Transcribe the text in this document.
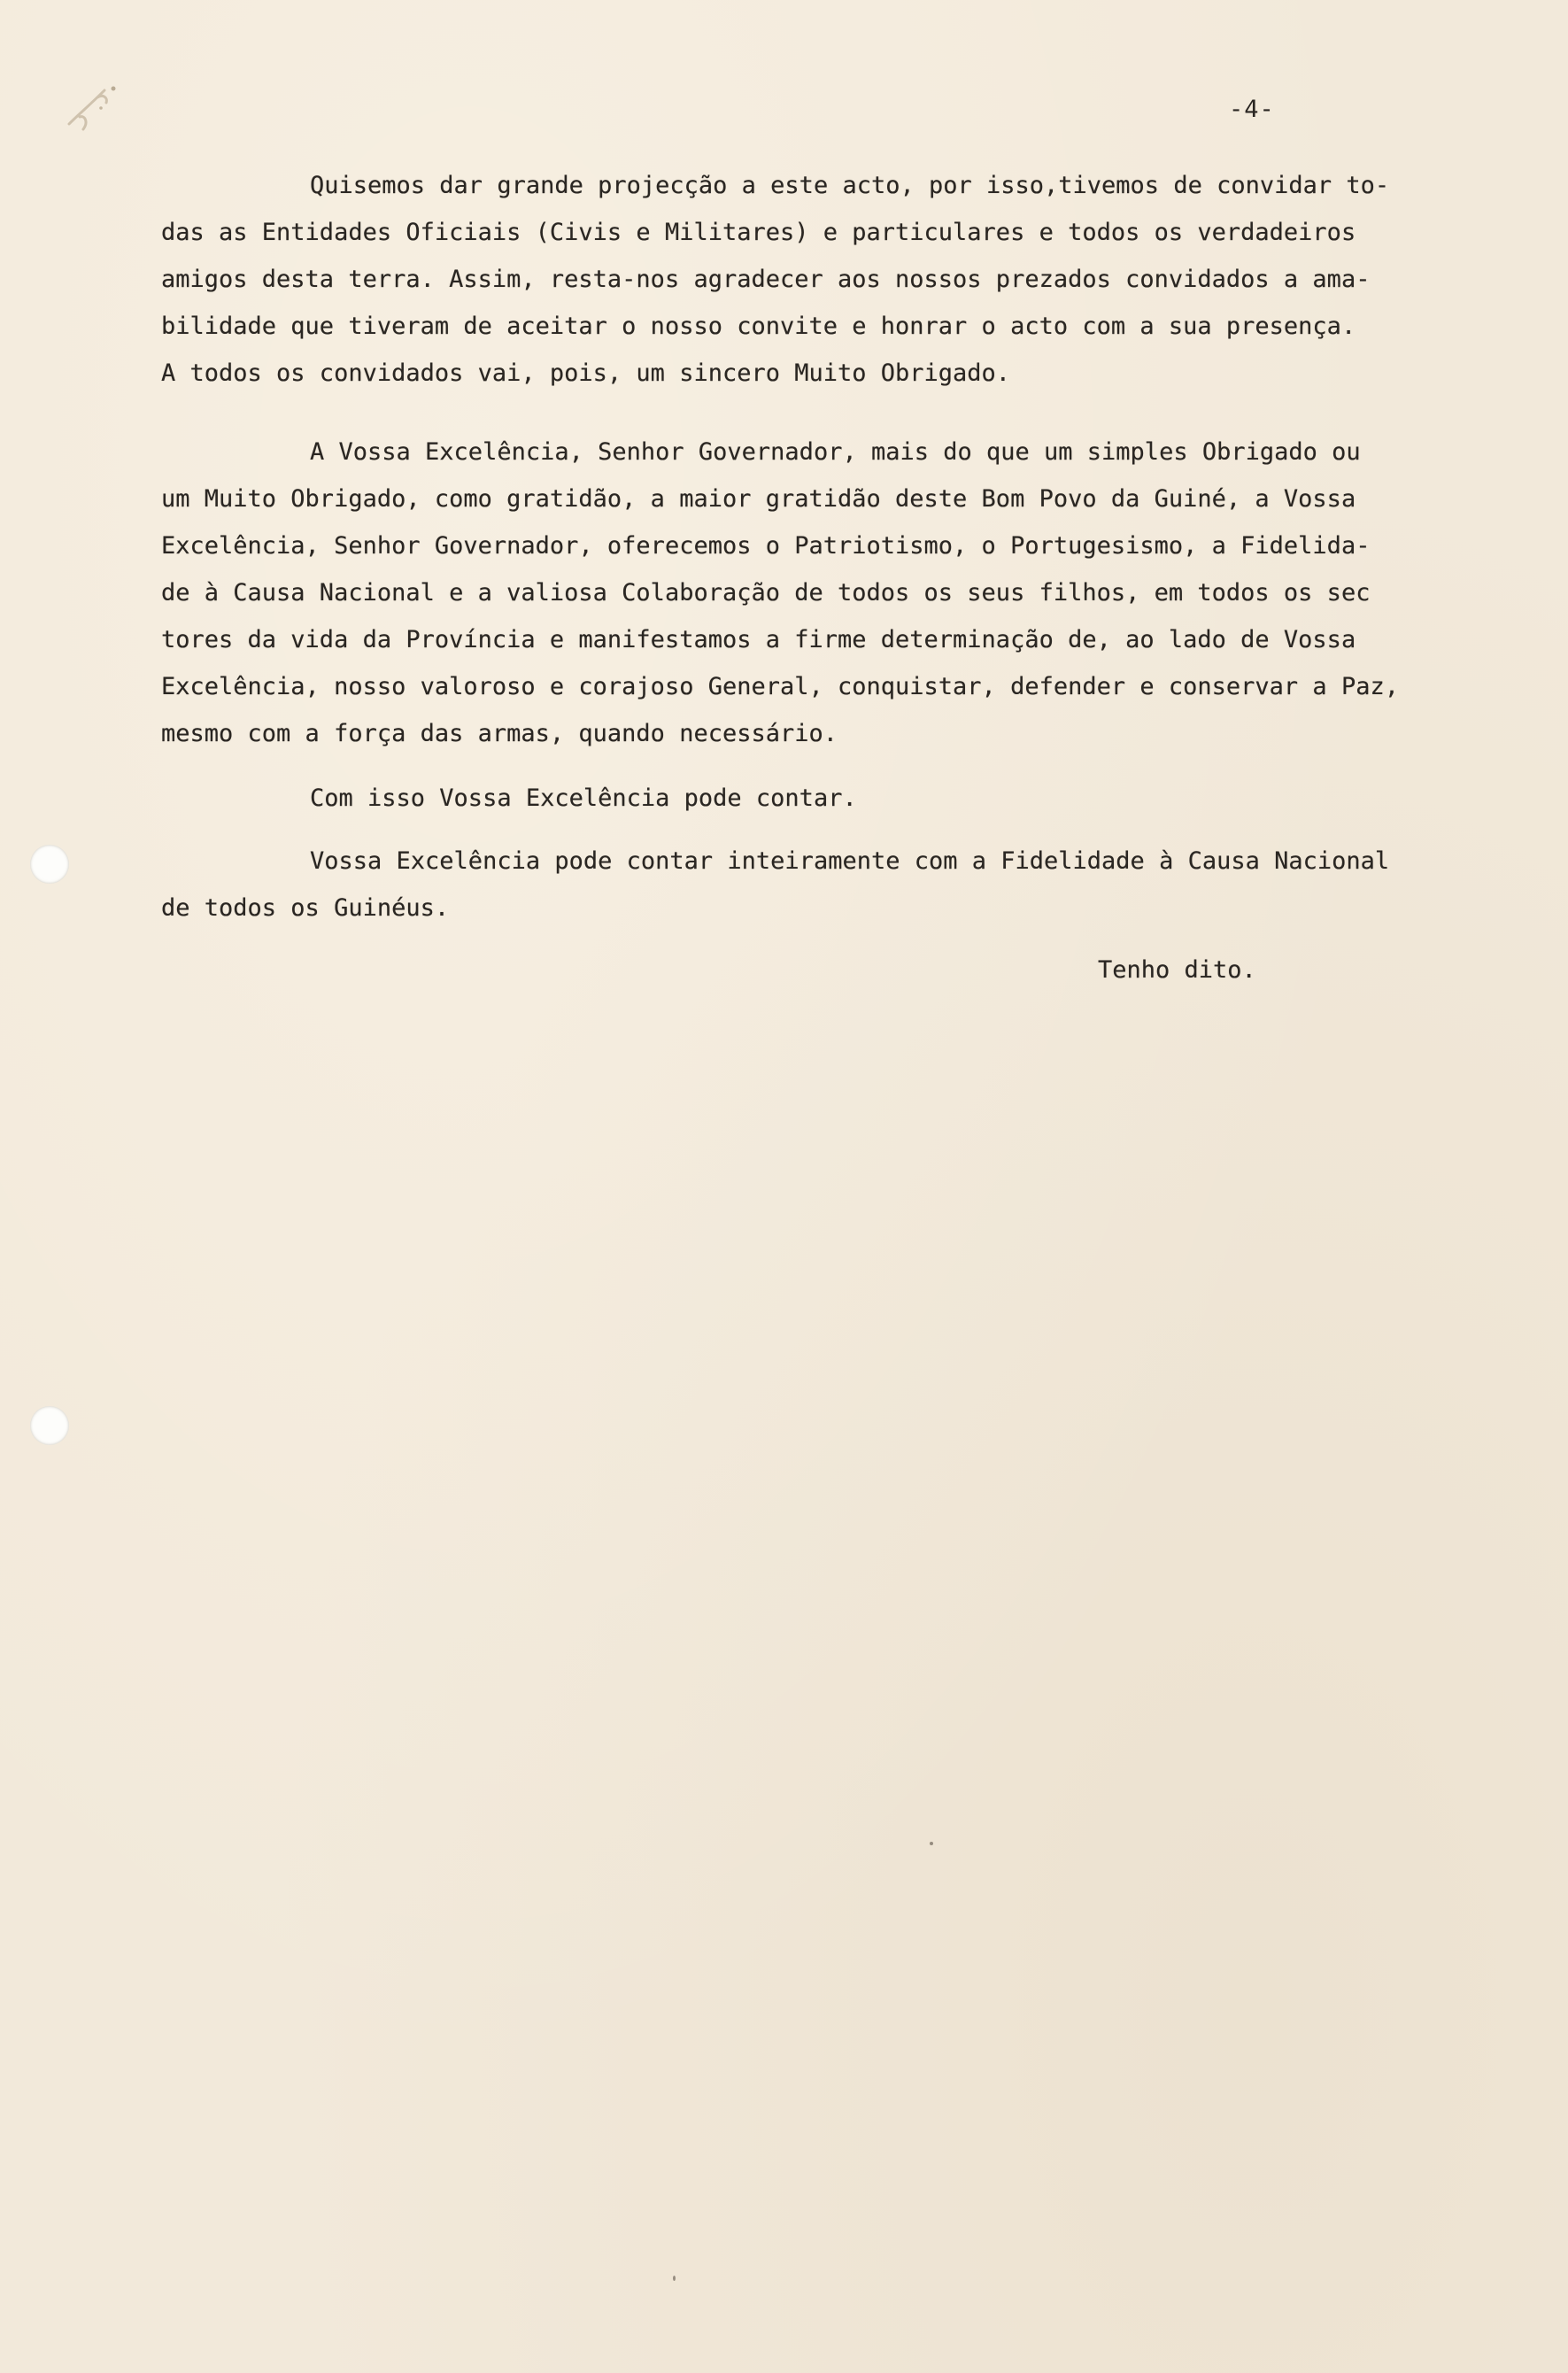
-4-
Quisemos dar grande projecção a este acto, por isso,tivemos de convidar to-
das as Entidades Oficiais (Civis e Militares) e particulares e todos os verdadeiros
amigos desta terra. Assim, resta-nos agradecer aos nossos prezados convidados a ama-
bilidade que tiveram de aceitar o nosso convite e honrar o acto com a sua presença.
A todos os convidados vai, pois, um sincero Muito Obrigado.
A Vossa Excelência, Senhor Governador, mais do que um simples Obrigado ou
um Muito Obrigado, como gratidão, a maior gratidão deste Bom Povo da Guiné, a Vossa
Excelência, Senhor Governador, oferecemos o Patriotismo, o Portugesismo, a Fidelida-
de à Causa Nacional e a valiosa Colaboração de todos os seus filhos, em todos os sec
tores da vida da Província e manifestamos a firme determinação de, ao lado de Vossa
Excelência, nosso valoroso e corajoso General, conquistar, defender e conservar a Paz,
mesmo com a força das armas, quando necessário.
Com isso Vossa Excelência pode contar.
Vossa Excelência pode contar inteiramente com a Fidelidade à Causa Nacional
de todos os Guinéus.
Tenho dito.
